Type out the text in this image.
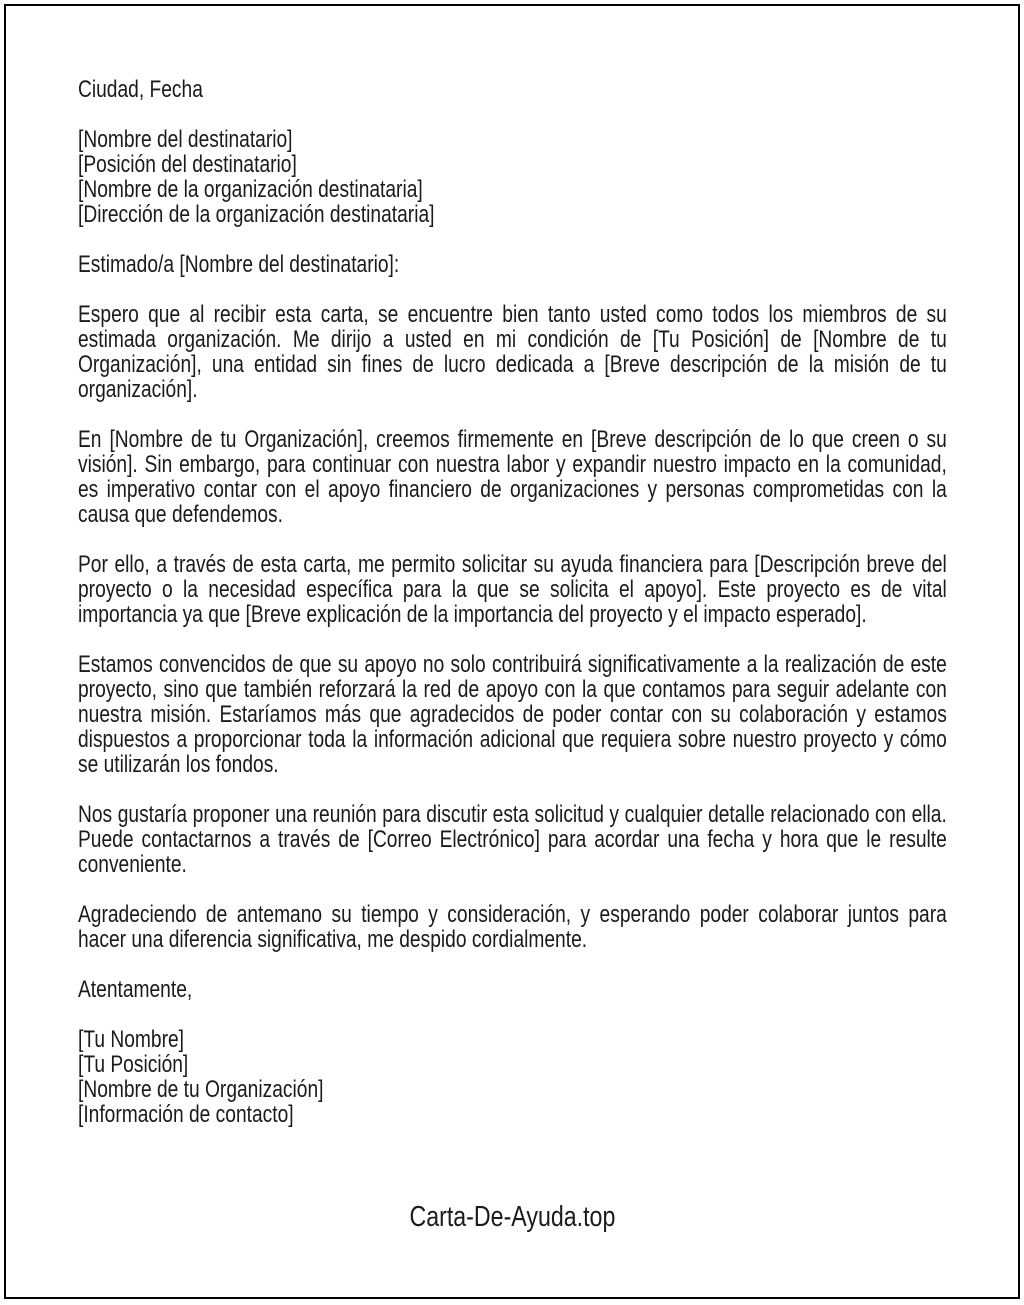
Ciudad, Fecha
[Nombre del destinatario]
[Posición del destinatario]
[Nombre de la organización destinataria]
[Dirección de la organización destinataria]
Estimado/a [Nombre del destinatario]:

Espero que al recibir esta carta, se encuentre bien tanto usted como todos los miembros de su estimada organización. Me dirijo a usted en mi condición de [Tu Posición] de [Nombre de tu Organización], una entidad sin fines de lucro dedicada a [Breve descripción de la misión de tu organización].

En [Nombre de tu Organización], creemos firmemente en [Breve descripción de lo que creen o su visión]. Sin embargo, para continuar con nuestra labor y expandir nuestro impacto en la comunidad, es imperativo contar con el apoyo financiero de organizaciones y personas comprometidas con la causa que defendemos.

Por ello, a través de esta carta, me permito solicitar su ayuda financiera para [Descripción breve del proyecto o la necesidad específica para la que se solicita el apoyo]. Este proyecto es de vital importancia ya que [Breve explicación de la importancia del proyecto y el impacto esperado].

Estamos convencidos de que su apoyo no solo contribuirá significativamente a la realización de este proyecto, sino que también reforzará la red de apoyo con la que contamos para seguir adelante con nuestra misión. Estaríamos más que agradecidos de poder contar con su colaboración y estamos dispuestos a proporcionar toda la información adicional que requiera sobre nuestro proyecto y cómo se utilizarán los fondos.

Nos gustaría proponer una reunión para discutir esta solicitud y cualquier detalle relacionado con ella. Puede contactarnos a través de [Correo Electrónico] para acordar una fecha y hora que le resulte conveniente.

Agradeciendo de antemano su tiempo y consideración, y esperando poder colaborar juntos para hacer una diferencia significativa, me despido cordialmente.

Atentamente,
[Tu Nombre]
[Tu Posición]
[Nombre de tu Organización]
[Información de contacto]
Carta-De-Ayuda.top
